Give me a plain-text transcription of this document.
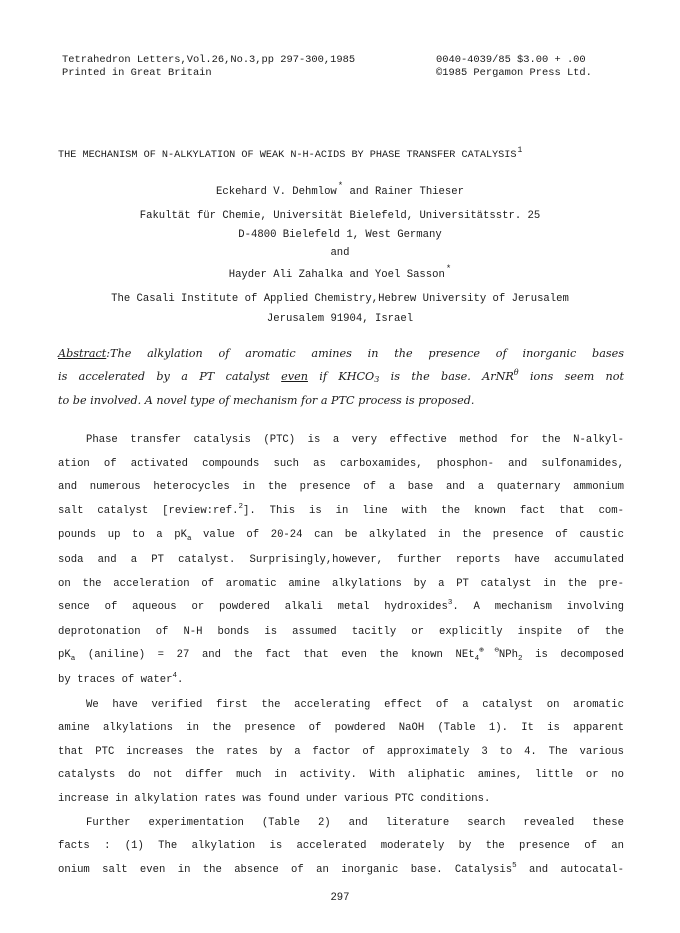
Tetrahedron Letters,Vol.26,No.3,pp 297-300,1985
Printed in Great Britain
0040-4039/85 $3.00 + .00
©1985 Pergamon Press Ltd.
THE MECHANISM OF N-ALKYLATION OF WEAK N-H-ACIDS BY PHASE TRANSFER CATALYSIS$^1$
Eckehard V. Dehmlow* and Rainer Thieser
Fakultät für Chemie, Universität Bielefeld, Universitätsstr. 25
D-4800 Bielefeld 1, West Germany
and
Hayder Ali Zahalka and Yoel Sasson*
The Casali Institute of Applied Chemistry,Hebrew University of Jerusalem
Jerusalem 91904, Israel
Abstract:The alkylation of aromatic amines in the presence of inorganic bases
is accelerated by a PT catalyst even if $KHCO_3$ is the base. ArNR$^\theta$ ions seem not
to be involved. A novel type of mechanism for a PTC process is proposed.
Phase transfer catalysis (PTC) is a very effective method for the N-alkyl-
ation of activated compounds such as carboxamides, phosphon- and sulfonamides,
and numerous heterocycles in the presence of a base and a quaternary ammonium
salt catalyst [review:ref.$^2$]. This is in line with the known fact that com-
pounds up to a $pK_a$ value of 20-24 can be alkylated in the presence of caustic
soda and a PT catalyst. Surprisingly,however, further reports have accumulated
on the acceleration of aromatic amine alkylations by a PT catalyst in the pre-
sence of aqueous or powdered alkali metal hydroxides$^3$. A mechanism involving
deprotonation of N-H bonds is assumed tacitly or explicitly inspite of the
$pK_a$ (aniline) = 27 and the fact that even the known NEt$_4$⊕ ⊖NPh$_2$ is decomposed
by traces of water$^4$.
We have verified first the accelerating effect of a catalyst on aromatic
amine alkylations in the presence of powdered NaOH (Table 1). It is apparent
that PTC increases the rates by a factor of approximately 3 to 4. The various
catalysts do not differ much in activity. With aliphatic amines, little or no
increase in alkylation rates was found under various PTC conditions.
Further experimentation (Table 2) and literature search revealed these
facts : (1) The alkylation is accelerated moderately by the presence of an
onium salt even in the absence of an inorganic base. Catalysis$^5$ and autocatal-
297
